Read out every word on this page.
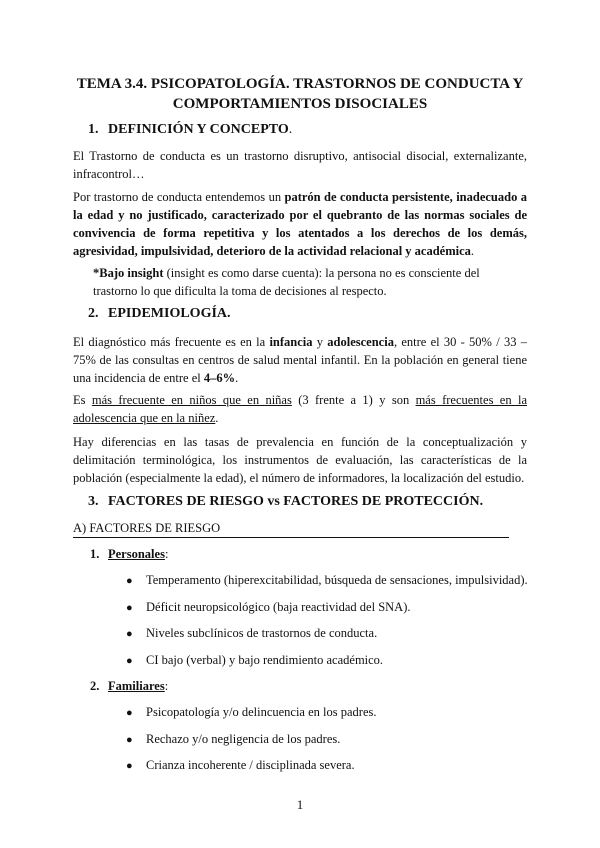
TEMA 3.4. PSICOPATOLOGÍA. TRASTORNOS DE CONDUCTA Y
COMPORTAMIENTOS DISOCIALES
1. DEFINICIÓN Y CONCEPTO.
El Trastorno de conducta es un trastorno disruptivo, antisocial disocial, externalizante, infracontrol…
Por trastorno de conducta entendemos un patrón de conducta persistente, inadecuado a la edad y no justificado, caracterizado por el quebranto de las normas sociales de convivencia de forma repetitiva y los atentados a los derechos de los demás, agresividad, impulsividad, deterioro de la actividad relacional y académica.
*Bajo insight (insight es como darse cuenta): la persona no es consciente del trastorno lo que dificulta la toma de decisiones al respecto.
2. EPIDEMIOLOGÍA.
El diagnóstico más frecuente es en la infancia y adolescencia, entre el 30 - 50% / 33 – 75% de las consultas en centros de salud mental infantil. En la población en general tiene una incidencia de entre el 4–6%.
Es más frecuente en niños que en niñas (3 frente a 1) y son más frecuentes en la adolescencia que en la niñez.
Hay diferencias en las tasas de prevalencia en función de la conceptualización y delimitación terminológica, los instrumentos de evaluación, las características de la población (especialmente la edad), el número de informadores, la localización del estudio.
3. FACTORES DE RIESGO vs FACTORES DE PROTECCIÓN.
A) FACTORES DE RIESGO
1. Personales:
● Temperamento (hiperexcitabilidad, búsqueda de sensaciones, impulsividad).
● Déficit neuropsicológico (baja reactividad del SNA).
● Niveles subclínicos de trastornos de conducta.
● CI bajo (verbal) y bajo rendimiento académico.
2. Familiares:
● Psicopatología y/o delincuencia en los padres.
● Rechazo y/o negligencia de los padres.
● Crianza incoherente / disciplinada severa.
1
